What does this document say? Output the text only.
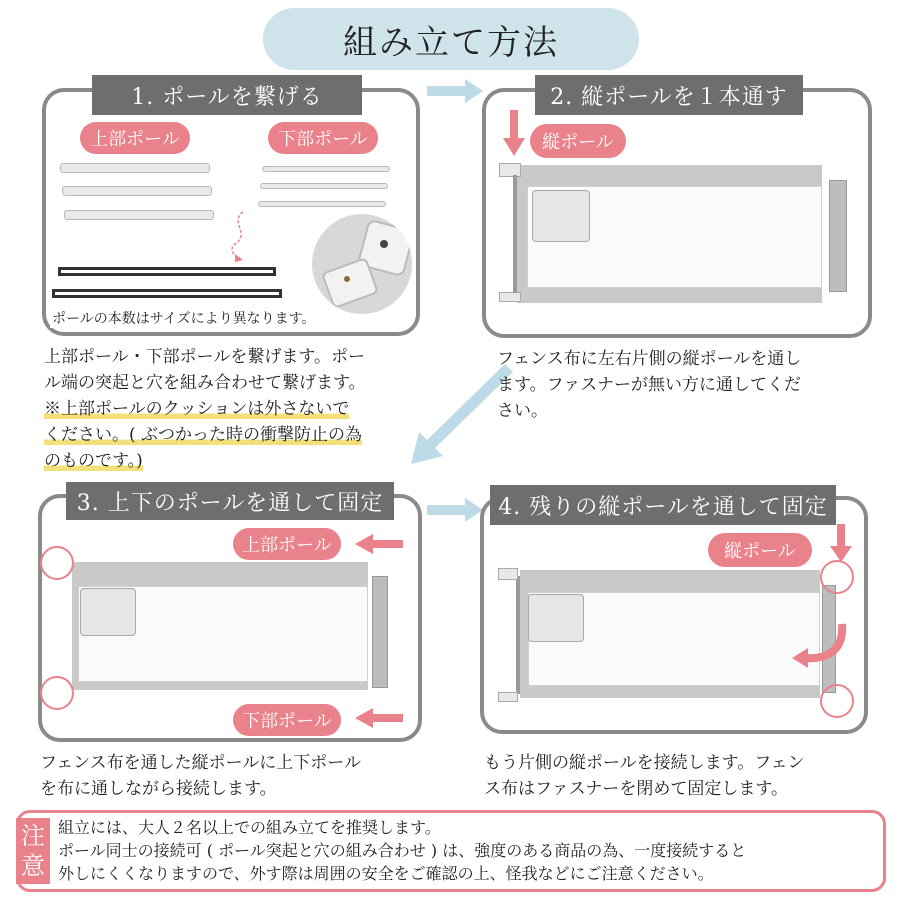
組み立て方法
1. ポールを繋げる
上部ポール	下部ポール
ポールの本数はサイズにより異なります。
上部ポール・下部ポールを繋げます。ポー
ル端の突起と穴を組み合わせて繋げます。
※上部ポールのクッションは外さないで
ください。( ぶつかった時の衝撃防止の為
のものです。)
2. 縦ポールを１本通す
縦ポール
フェンス布に左右片側の縦ポールを通し
ます。ファスナーが無い方に通してくだ
さい。
3. 上下のポールを通して固定
上部ポール
下部ポール
フェンス布を通した縦ポールに上下ポール
を布に通しながら接続します。
4. 残りの縦ポールを通して固定
縦ポール
もう片側の縦ポールを接続します。フェン
ス布はファスナーを閉めて固定します。
注
意
組立には、大人２名以上での組み立てを推奨します。
ポール同士の接続可 ( ポール突起と穴の組み合わせ ) は、強度のある商品の為、一度接続すると
外しにくくなりますので、外す際は周囲の安全をご確認の上、怪我などにご注意ください。
